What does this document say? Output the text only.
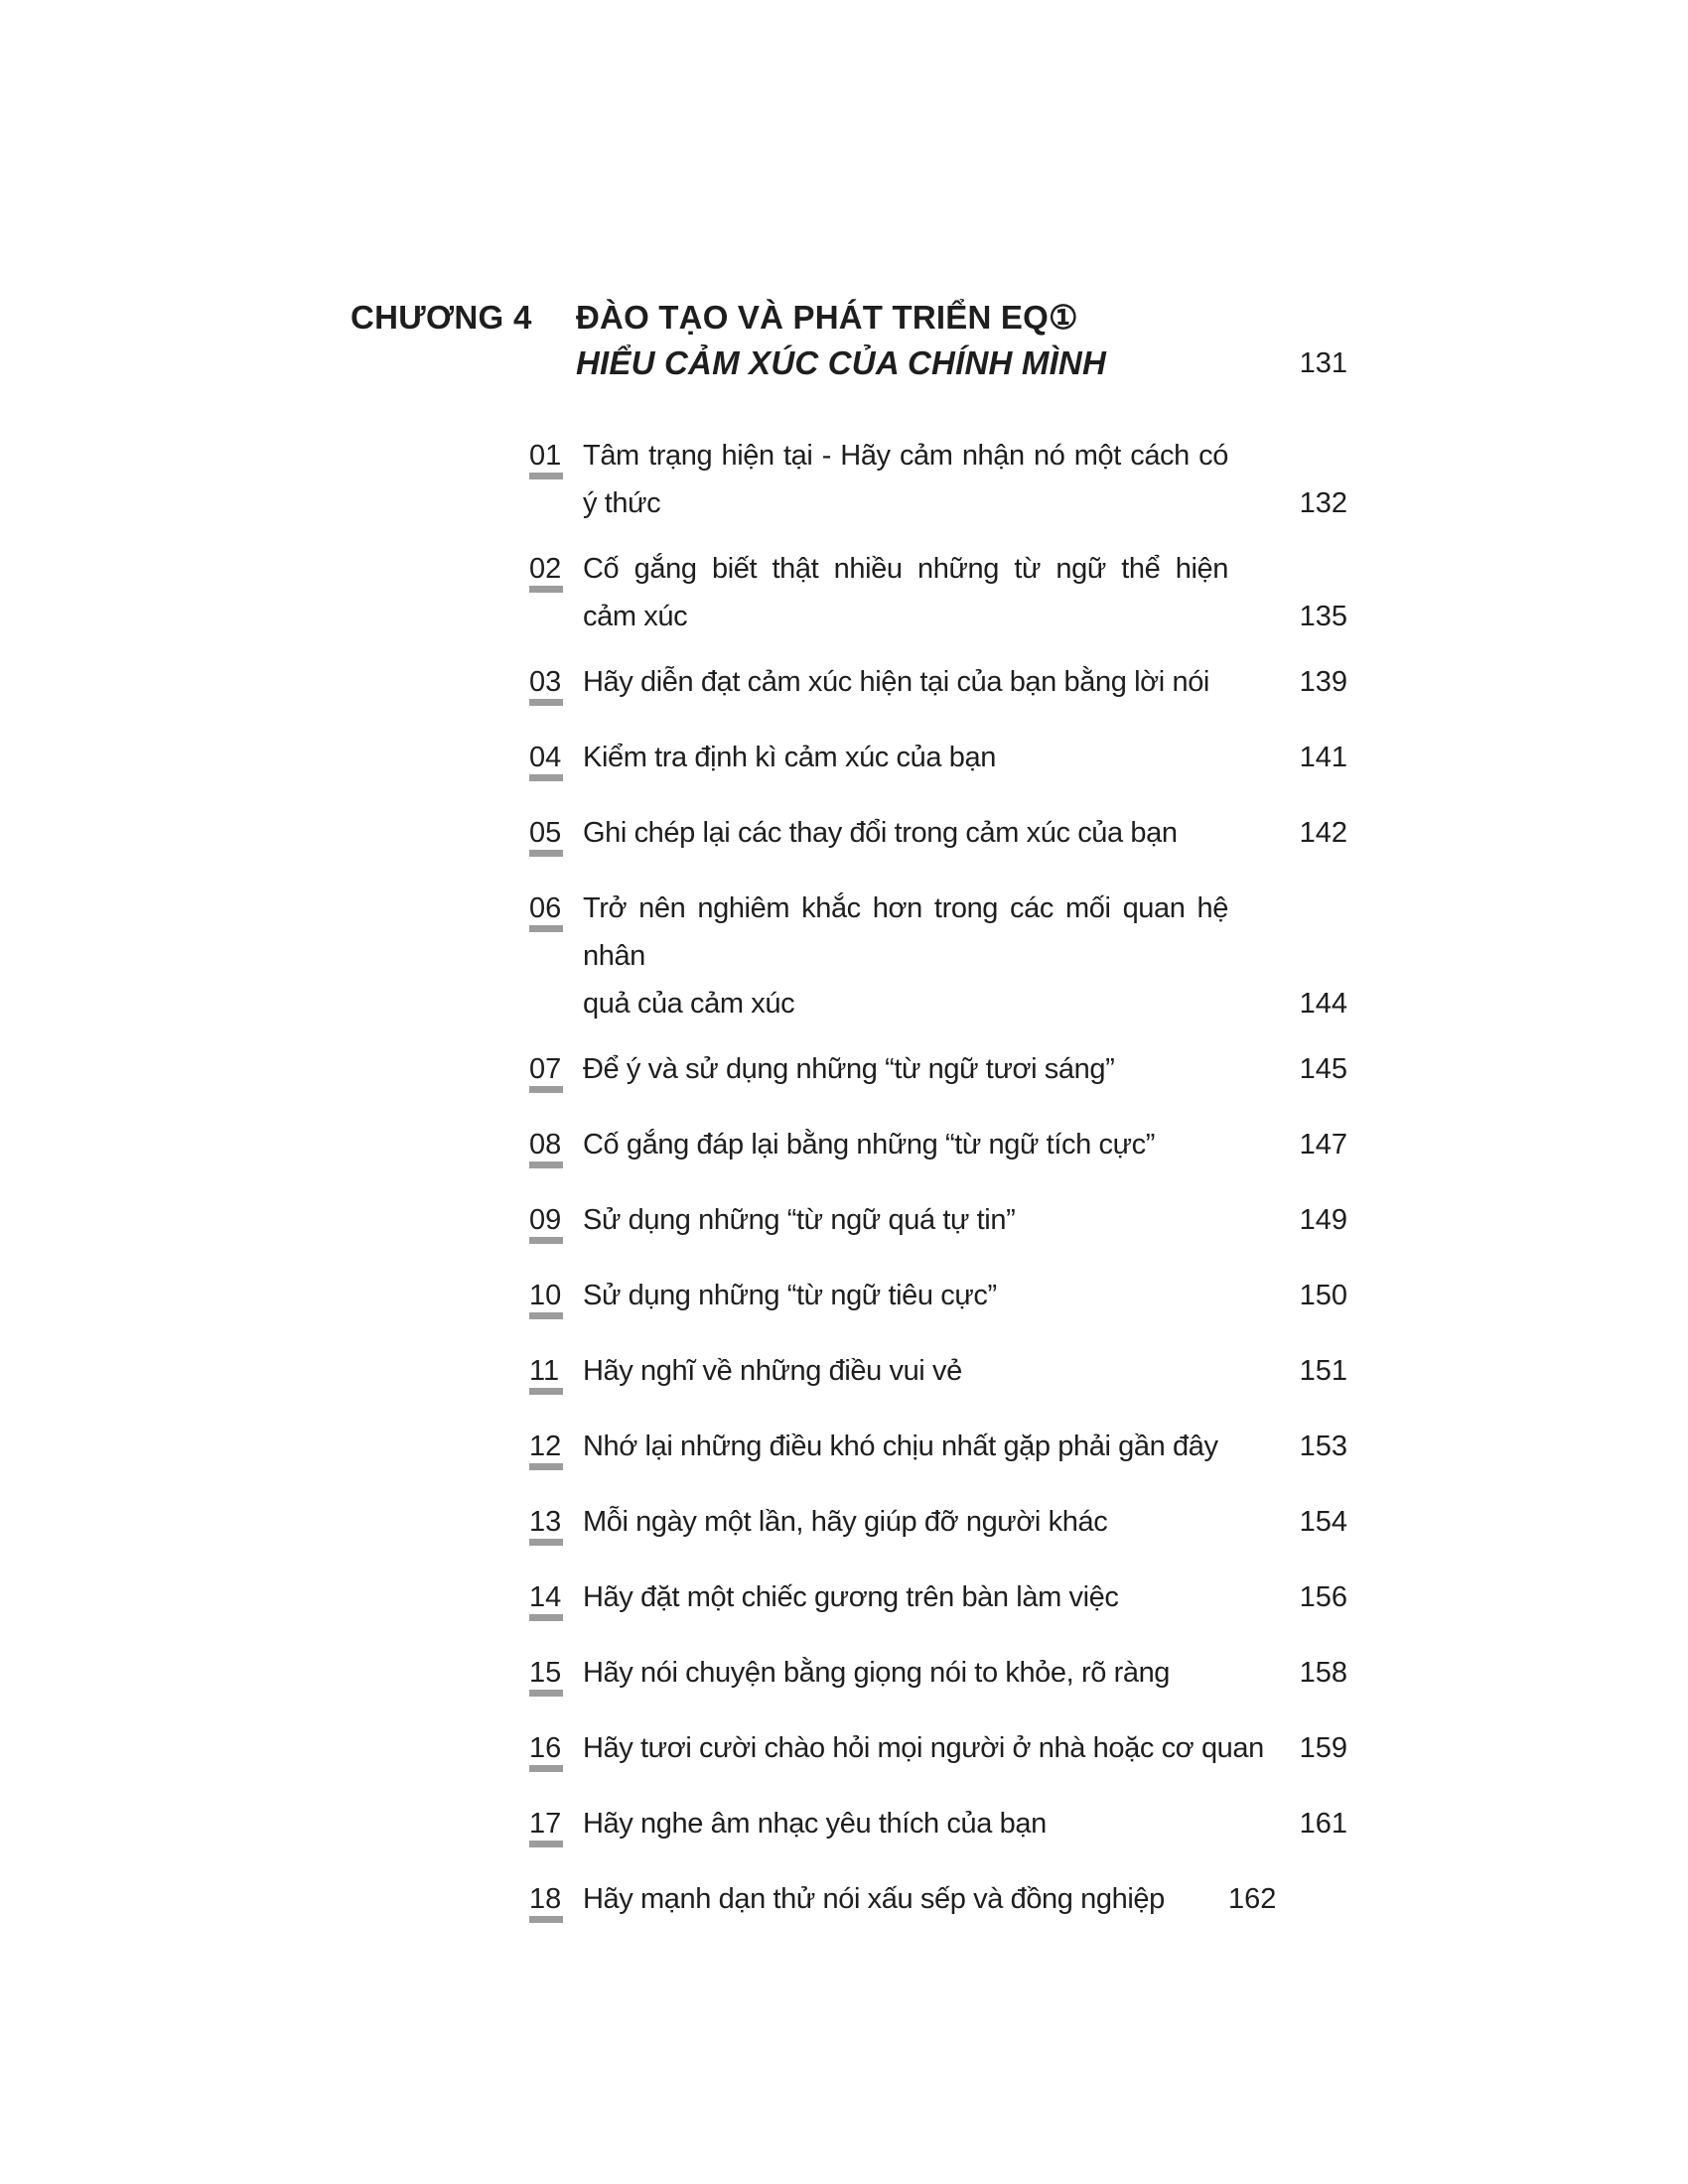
CHƯƠNG 4	ĐÀO TẠO VÀ PHÁT TRIỂN EQ①
HIỂU CẢM XÚC CỦA CHÍNH MÌNH	131
01 Tâm trạng hiện tại - Hãy cảm nhận nó một cách có
ý thức	132
02 Cố gắng biết thật nhiều những từ ngữ thể hiện
cảm xúc	135
03 Hãy diễn đạt cảm xúc hiện tại của bạn bằng lời nói	139
04 Kiểm tra định kì cảm xúc của bạn	141
05 Ghi chép lại các thay đổi trong cảm xúc của bạn	142
06 Trở nên nghiêm khắc hơn trong các mối quan hệ nhân
quả của cảm xúc	144
07 Để ý và sử dụng những “từ ngữ tươi sáng”	145
08 Cố gắng đáp lại bằng những “từ ngữ tích cực”	147
09 Sử dụng những “từ ngữ quá tự tin”	149
10 Sử dụng những “từ ngữ tiêu cực”	150
11 Hãy nghĩ về những điều vui vẻ	151
12 Nhớ lại những điều khó chịu nhất gặp phải gần đây	153
13 Mỗi ngày một lần, hãy giúp đỡ người khác	154
14 Hãy đặt một chiếc gương trên bàn làm việc	156
15 Hãy nói chuyện bằng giọng nói to khỏe, rõ ràng	158
16 Hãy tươi cười chào hỏi mọi người ở nhà hoặc cơ quan 159
17 Hãy nghe âm nhạc yêu thích của bạn	161
18 Hãy mạnh dạn thử nói xấu sếp và đồng nghiệp	162
